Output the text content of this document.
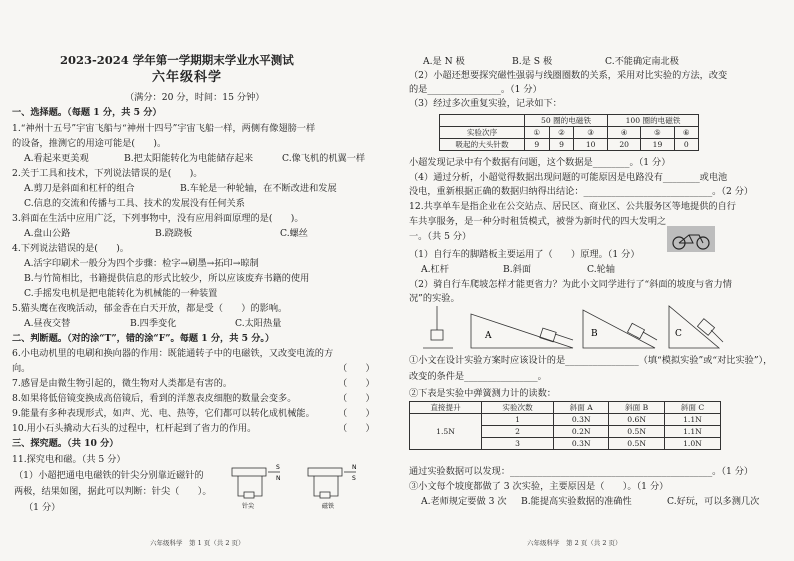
2023-2024 学年第一学期期末学业水平测试
六年级科学
（满分：20 分，时间：15 分钟）
一、选择题。（每题 1 分，共 5 分）
1.“神州十五号”宇宙飞船与“神州十四号”宇宙飞船一样，两侧有像翅膀一样
的设备，推测它的用途可能是(　　)。
A.看起来更美观	B.把太阳能转化为电能储存起来	C.像飞机的机翼一样
2.关于工具和技术，下列说法错误的是(　　)。
A.剪刀是斜面和杠杆的组合	B.车轮是一种轮轴，在不断改进和发展
C.信息的交流和传播与工具、技术的发展没有任何关系
3.斜面在生活中应用广泛，下列事物中，没有应用斜面原理的是(　　)。
A.盘山公路	B.跷跷板	C.螺丝
4.下列说法错误的是(　　)。
A.活字印刷术一般分为四个步骤：检字→刷墨→拓印→晾制
B.与竹简相比，书籍提供信息的形式比较少，所以应该废弃书籍的使用
C.手摇发电机是把电能转化为机械能的一种装置
5.猫头鹰在夜晚活动，郁金香在白天开放，都是受（　　）的影响。
A.昼夜交替	B.四季变化	C.太阳热量
二、判断题。（对的涂“T”，错的涂“F”。每题 1 分，共 5 分。）
6.小电动机里的电刷和换向器的作用：既能通转子中的电磁铁，又改变电流的方
向。	（　　）
7.感冒是由微生物引起的，微生物对人类都是有害的。	（　　）
8.如果将低倍镜变换成高倍镜后，看到的洋葱表皮细胞的数量会变多。	（　　）
9.能量有多种表现形式，如声、光、电、热等，它们都可以转化成机械能。	（　　）
10.用小石头撬动大石头的过程中，杠杆起到了省力的作用。	（　　）
三、探究题。（共 10 分）
11.探究电和磁。（共 5 分）
（1）小超把通电电磁铁的针尖分别靠近磁针的
两极，结果如图，据此可以判断：针尖（　　）。
（1 分）
S
N
针尖
N
S
磁铁
六年级科学　第 1 页（共 2 页）
A.是 N 极	B.是 S 极	C.不能确定南北极
（2）小超还想要探究磁性强弱与线圈圈数的关系，采用对比实验的方法，改变
的是________________。（1 分）
（3）经过多次重复实验，记录如下：
	50 圈的电磁铁			100 圈的电磁铁		
实验次序	①	②	③	④	⑤	⑥
吸起的大头针数	9	9	10	20	19	0
小超发现记录中有个数据有问题，这个数据是________。（1 分）
（4）通过分析，小超觉得数据出现问题的可能原因是电路没有________或电池
没电，重新根据正确的数据归纳得出结论：____________________________。（2 分）
12.共享单车是指企业在公交站点、居民区、商业区、公共服务区等地提供的自行
车共享服务，是一种分时租赁模式，被誉为新时代的四大发明之
一。（共 5 分）
（1）自行车的脚踏板主要运用了（　　）原理。（1 分）
A.杠杆	B.斜面	C.轮轴
（2）骑自行车爬坡怎样才能更省力？为此小文同学进行了“斜面的坡度与省力情
况”的实验。
A	B	C
①小文在设计实验方案时应该设计的是________________（填“模拟实验”或“对比实验”），
改变的条件是________________。
②下表是实验中弹簧测力计的读数：
直接提升	实验次数	斜面 A	斜面 B	斜面 C
1.5N	1	0.3N	0.6N	1.1N
	2	0.2N	0.5N	1.1N
	3	0.3N	0.5N	1.0N
通过实验数据可以发现：____________________________________________。（1 分）
③小文每个坡度都做了 3 次实验，主要原因是（　　）。（1 分）
A.老师规定要做 3 次 B.能提高实验数据的准确性	C.好玩，可以多测几次
六年级科学　第 2 页（共 2 页）
